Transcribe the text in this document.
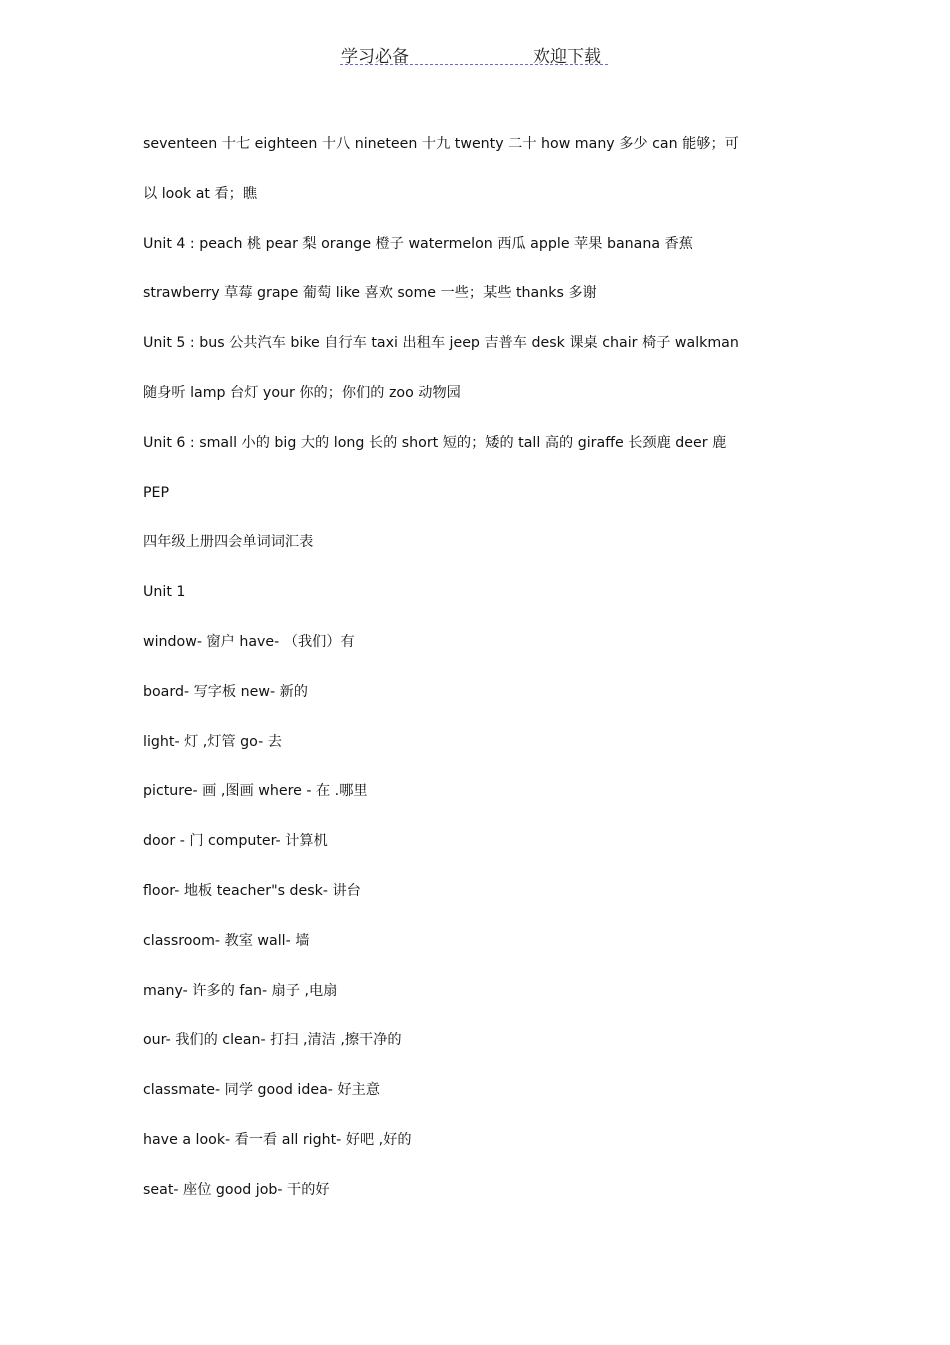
学习必备	欢迎下载
seventeen 十七 eighteen 十八 nineteen 十九 twenty 二十 how many 多少 can 能够；可
以 look at 看；瞧
Unit 4 : peach 桃 pear 梨 orange 橙子 watermelon 西瓜 apple 苹果 banana 香蕉
strawberry 草莓 grape 葡萄 like 喜欢 some 一些；某些 thanks 多谢
Unit 5 : bus 公共汽车 bike 自行车 taxi 出租车 jeep 吉普车 desk 课桌 chair 椅子 walkman
随身听 lamp 台灯 your 你的；你们的 zoo 动物园
Unit 6 : small 小的 big 大的 long 长的 short 短的；矮的 tall 高的 giraffe 长颈鹿 deer 鹿
PEP
四年级上册四会单词词汇表
Unit 1
window- 窗户 have- （我们）有
board- 写字板 new- 新的
light- 灯 ,灯管 go- 去
picture- 画 ,图画 where - 在 .哪里
door - 门 computer- 计算机
floor- 地板 teacher"s desk- 讲台
classroom- 教室 wall- 墙
many- 许多的 fan- 扇子 ,电扇
our- 我们的 clean- 打扫 ,清洁 ,擦干净的
classmate- 同学 good idea- 好主意
have a look- 看一看 all right- 好吧 ,好的
seat- 座位 good job- 干的好
